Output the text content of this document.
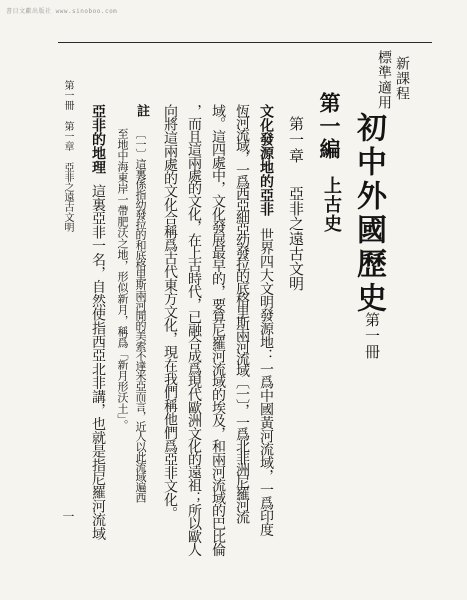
書目文獻出版社 www.sinoboo.com
新課程
標準適用
初中外國歷史
第一冊
第一編
上古史
第一章
亞非之遠古文明
文化發源地的亞非
世界四大文明發源地：一爲中國黃河流域，一爲印度
恆河流域，一爲西亞細亞幼發拉的底格里斯兩河流域〔一〕，一爲北非洲尼羅河流
域。這四處中，文化發展最早的，要算尼羅河流域的埃及，和兩河流域的巴比倫
，而且這兩處的文化，在上古時代，已融合成爲現代歐洲文化的遠祖；所以歐人
向將這兩處的文化合稱爲古代東方文化，現在我們稱他們爲亞非文化。
註
〔一〕這裏係指幼發拉的和底格里斯兩河間的美索不達米亞而言，近人以此流域遍西
至地中海東岸一帶肥沃之地，形似新月，稱爲「新月形沃土」。
亞非的地理
這裏亞非一名，自然使指西亞北非講，也就是指尼羅河流域
第一冊 第一章 亞非之遠古文明
一
